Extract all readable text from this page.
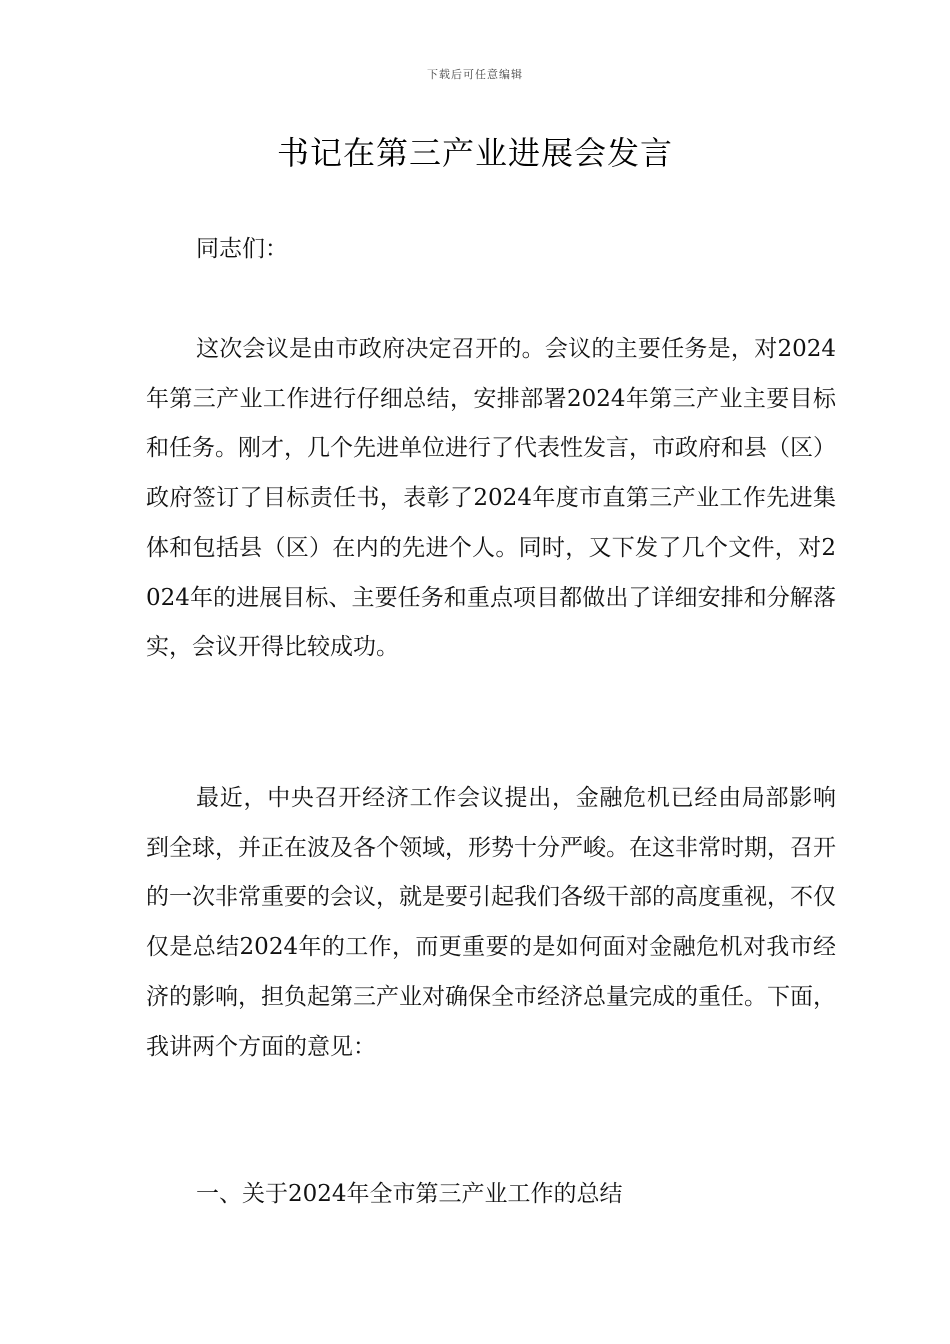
下载后可任意编辑
书记在第三产业进展会发言

同志们：

这次会议是由市政府决定召开的。会议的主要任务是，对2024年第三产业工作进行仔细总结，安排部署2024年第三产业主要目标和任务。刚才，几个先进单位进行了代表性发言，市政府和县（区）政府签订了目标责任书，表彰了2024年度市直第三产业工作先进集体和包括县（区）在内的先进个人。同时，又下发了几个文件，对2024年的进展目标、主要任务和重点项目都做出了详细安排和分解落实，会议开得比较成功。

最近，中央召开经济工作会议提出，金融危机已经由局部影响到全球，并正在波及各个领域，形势十分严峻。在这非常时期，召开的一次非常重要的会议，就是要引起我们各级干部的高度重视，不仅仅是总结2024年的工作，而更重要的是如何面对金融危机对我市经济的影响，担负起第三产业对确保全市经济总量完成的重任。下面，我讲两个方面的意见：

一、关于2024年全市第三产业工作的总结
